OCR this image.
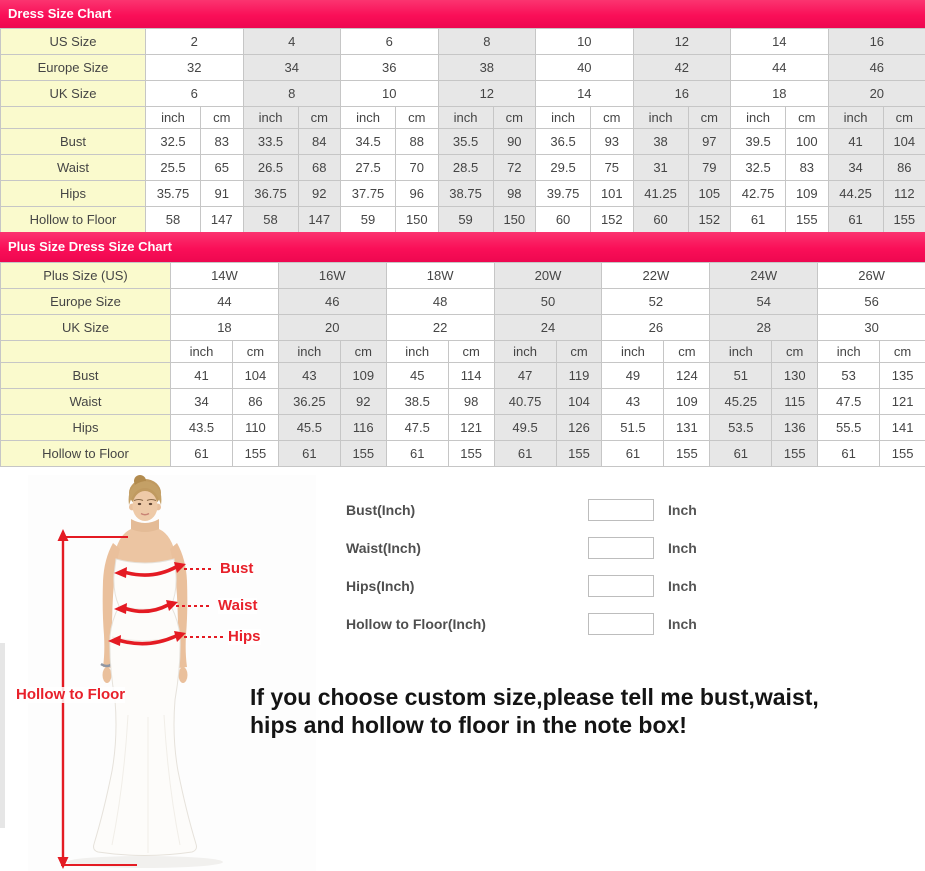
Dress Size Chart
US Size	2		4		6		8		10		12		14		16	
Europe Size	32		34		36		38		40		42		44		46	
UK Size	6		8		10		12		14		16		18		20	
	inch	cm	inch	cm	inch	cm	inch	cm	inch	cm	inch	cm	inch	cm	inch	cm
Bust	32.5	83	33.5	84	34.5	88	35.5	90	36.5	93	38	97	39.5	100	41	104
Waist	25.5	65	26.5	68	27.5	70	28.5	72	29.5	75	31	79	32.5	83	34	86
Hips	35.75	91	36.75	92	37.75	96	38.75	98	39.75	101	41.25	105	42.75	109	44.25	112
Hollow to Floor	58	147	58	147	59	150	59	150	60	152	60	152	61	155	61	155
Plus Size Dress Size Chart
Plus Size (US)	14W		16W		18W		20W		22W		24W		26W	
Europe Size	44		46		48		50		52		54		56	
UK Size	18		20		22		24		26		28		30	
	inch	cm	inch	cm	inch	cm	inch	cm	inch	cm	inch	cm	inch	cm
Bust	41	104	43	109	45	114	47	119	49	124	51	130	53	135
Waist	34	86	36.25	92	38.5	98	40.75	104	43	109	45.25	115	47.5	121
Hips	43.5	110	45.5	116	47.5	121	49.5	126	51.5	131	53.5	136	55.5	141
Hollow to Floor	61	155	61	155	61	155	61	155	61	155	61	155	61	155
Bust
Waist
Hips
Hollow to Floor
Bust(Inch)	Inch
Waist(Inch)	Inch
Hips(Inch)	Inch
Hollow to Floor(Inch)	Inch
If you choose custom size,please tell me bust,waist,
hips and hollow to floor in the note box!
